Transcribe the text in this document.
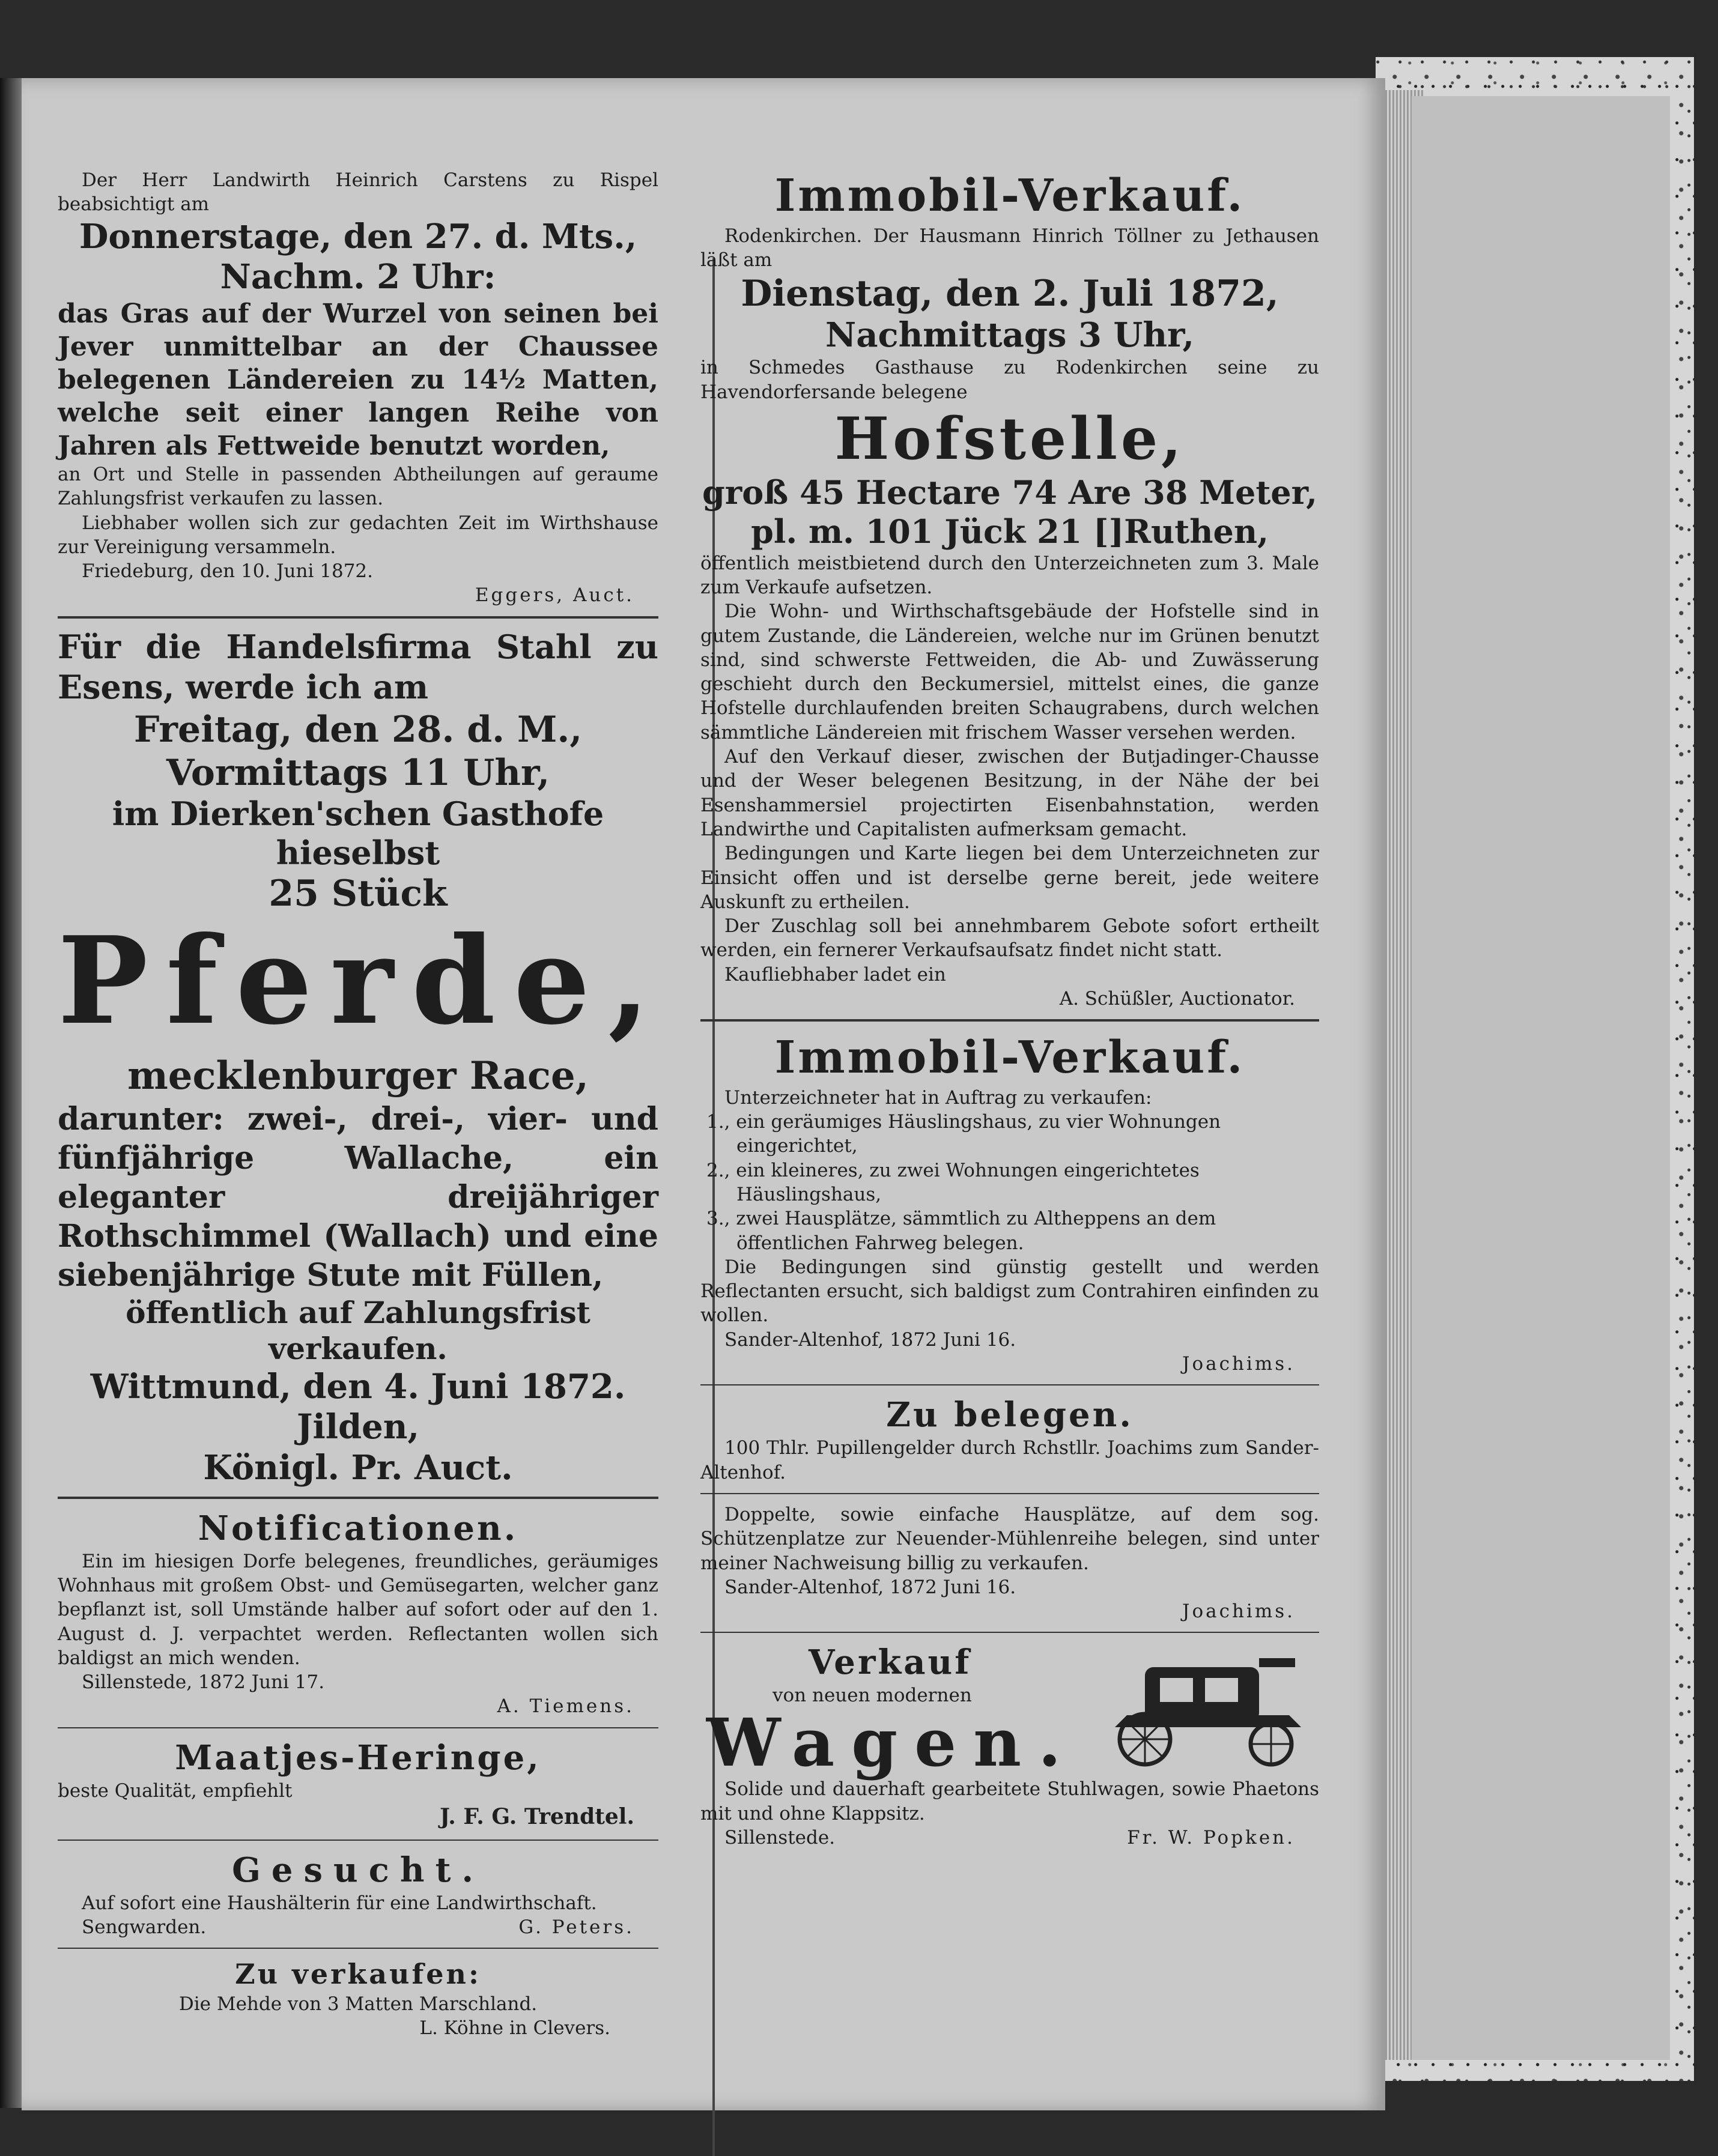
Der Herr Landwirth Heinrich Carstens zu Rispel beabsichtigt am

Donnerstage, den 27. d. Mts.,

Nachm. 2 Uhr:

das Gras auf der Wurzel von seinen bei Jever unmittelbar an der Chaussee belegenen Ländereien zu 14½ Matten, welche seit einer langen Reihe von Jahren als Fettweide benutzt worden,

an Ort und Stelle in passenden Abtheilungen auf geraume Zahlungsfrist verkaufen zu lassen.

Liebhaber wollen sich zur gedachten Zeit im Wirthshause zur Vereinigung versammeln.

Friedeburg, den 10. Juni 1872.

Eggers, Auct.

Für die Handelsfirma Stahl zu Esens, werde ich am

Freitag, den 28. d. M.,

Vormittags 11 Uhr,

im Dierken'schen Gasthofe hieselbst

25 Stück

Pferde,

mecklenburger Race,

darunter: zwei-, drei-, vier- und fünfjährige Wallache, ein eleganter dreijähriger Rothschimmel (Wallach) und eine siebenjährige Stute mit Füllen,

öffentlich auf Zahlungsfrist verkaufen.

Wittmund, den 4. Juni 1872.

Jilden,

Königl. Pr. Auct.

Notificationen.

Ein im hiesigen Dorfe belegenes, freundliches, geräumiges Wohnhaus mit großem Obst- und Gemüsegarten, welcher ganz bepflanzt ist, soll Umstände halber auf sofort oder auf den 1. August d. J. verpachtet werden. Reflectanten wollen sich baldigst an mich wenden.

Sillenstede, 1872 Juni 17.

A. Tiemens.

Maatjes-Heringe,

beste Qualität, empfiehlt

J. F. G. Trendtel.

Gesucht.

Auf sofort eine Haushälterin für eine Landwirthschaft.

Sengwarden.	G. Peters.

Zu verkaufen:

Die Mehde von 3 Matten Marschland.

L. Köhne in Clevers.

Immobil-Verkauf.

Rodenkirchen. Der Hausmann Hinrich Töllner zu Jethausen läßt am

Dienstag, den 2. Juli 1872,

Nachmittags 3 Uhr,

in Schmedes Gasthause zu Rodenkirchen seine zu Havendorfersande belegene

Hofstelle,

groß 45 Hectare 74 Are 38 Meter,

pl. m. 101 Jück 21 []Ruthen,

öffentlich meistbietend durch den Unterzeichneten zum 3. Male zum Verkaufe aufsetzen.

Die Wohn- und Wirthschaftsgebäude der Hofstelle sind in gutem Zustande, die Ländereien, welche nur im Grünen benutzt sind, sind schwerste Fettweiden, die Ab- und Zuwässerung geschieht durch den Beckumersiel, mittelst eines, die ganze Hofstelle durchlaufenden breiten Schaugrabens, durch welchen sämmtliche Ländereien mit frischem Wasser versehen werden.

Auf den Verkauf dieser, zwischen der Butjadinger-Chausse und der Weser belegenen Besitzung, in der Nähe der bei Esenshammersiel projectirten Eisenbahnstation, werden Landwirthe und Capitalisten aufmerksam gemacht.

Bedingungen und Karte liegen bei dem Unterzeichneten zur Einsicht offen und ist derselbe gerne bereit, jede weitere Auskunft zu ertheilen.

Der Zuschlag soll bei annehmbarem Gebote sofort ertheilt werden, ein fernerer Verkaufsaufsatz findet nicht statt.

Kaufliebhaber ladet ein

A. Schüßler, Auctionator.

Immobil-Verkauf.

Unterzeichneter hat in Auftrag zu verkaufen:

1., ein geräumiges Häuslingshaus, zu vier Wohnungen eingerichtet,

2., ein kleineres, zu zwei Wohnungen eingerichtetes Häuslingshaus,

3., zwei Hausplätze, sämmtlich zu Altheppens an dem öffentlichen Fahrweg belegen.

Die Bedingungen sind günstig gestellt und werden Reflectanten ersucht, sich baldigst zum Contrahiren einfinden zu wollen.

Sander-Altenhof, 1872 Juni 16.

Joachims.

Zu belegen.

100 Thlr. Pupillengelder durch Rchstllr. Joachims zum Sander-Altenhof.

Doppelte, sowie einfache Hausplätze, auf dem sog. Schützenplatze zur Neuender-Mühlenreihe belegen, sind unter meiner Nachweisung billig zu verkaufen.

Sander-Altenhof, 1872 Juni 16.

Joachims.

Verkauf

von neuen modernen

Wagen.

Solide und dauerhaft gearbeitete Stuhlwagen, sowie Phaetons mit und ohne Klappsitz.

Sillenstede.	Fr. W. Popken.
